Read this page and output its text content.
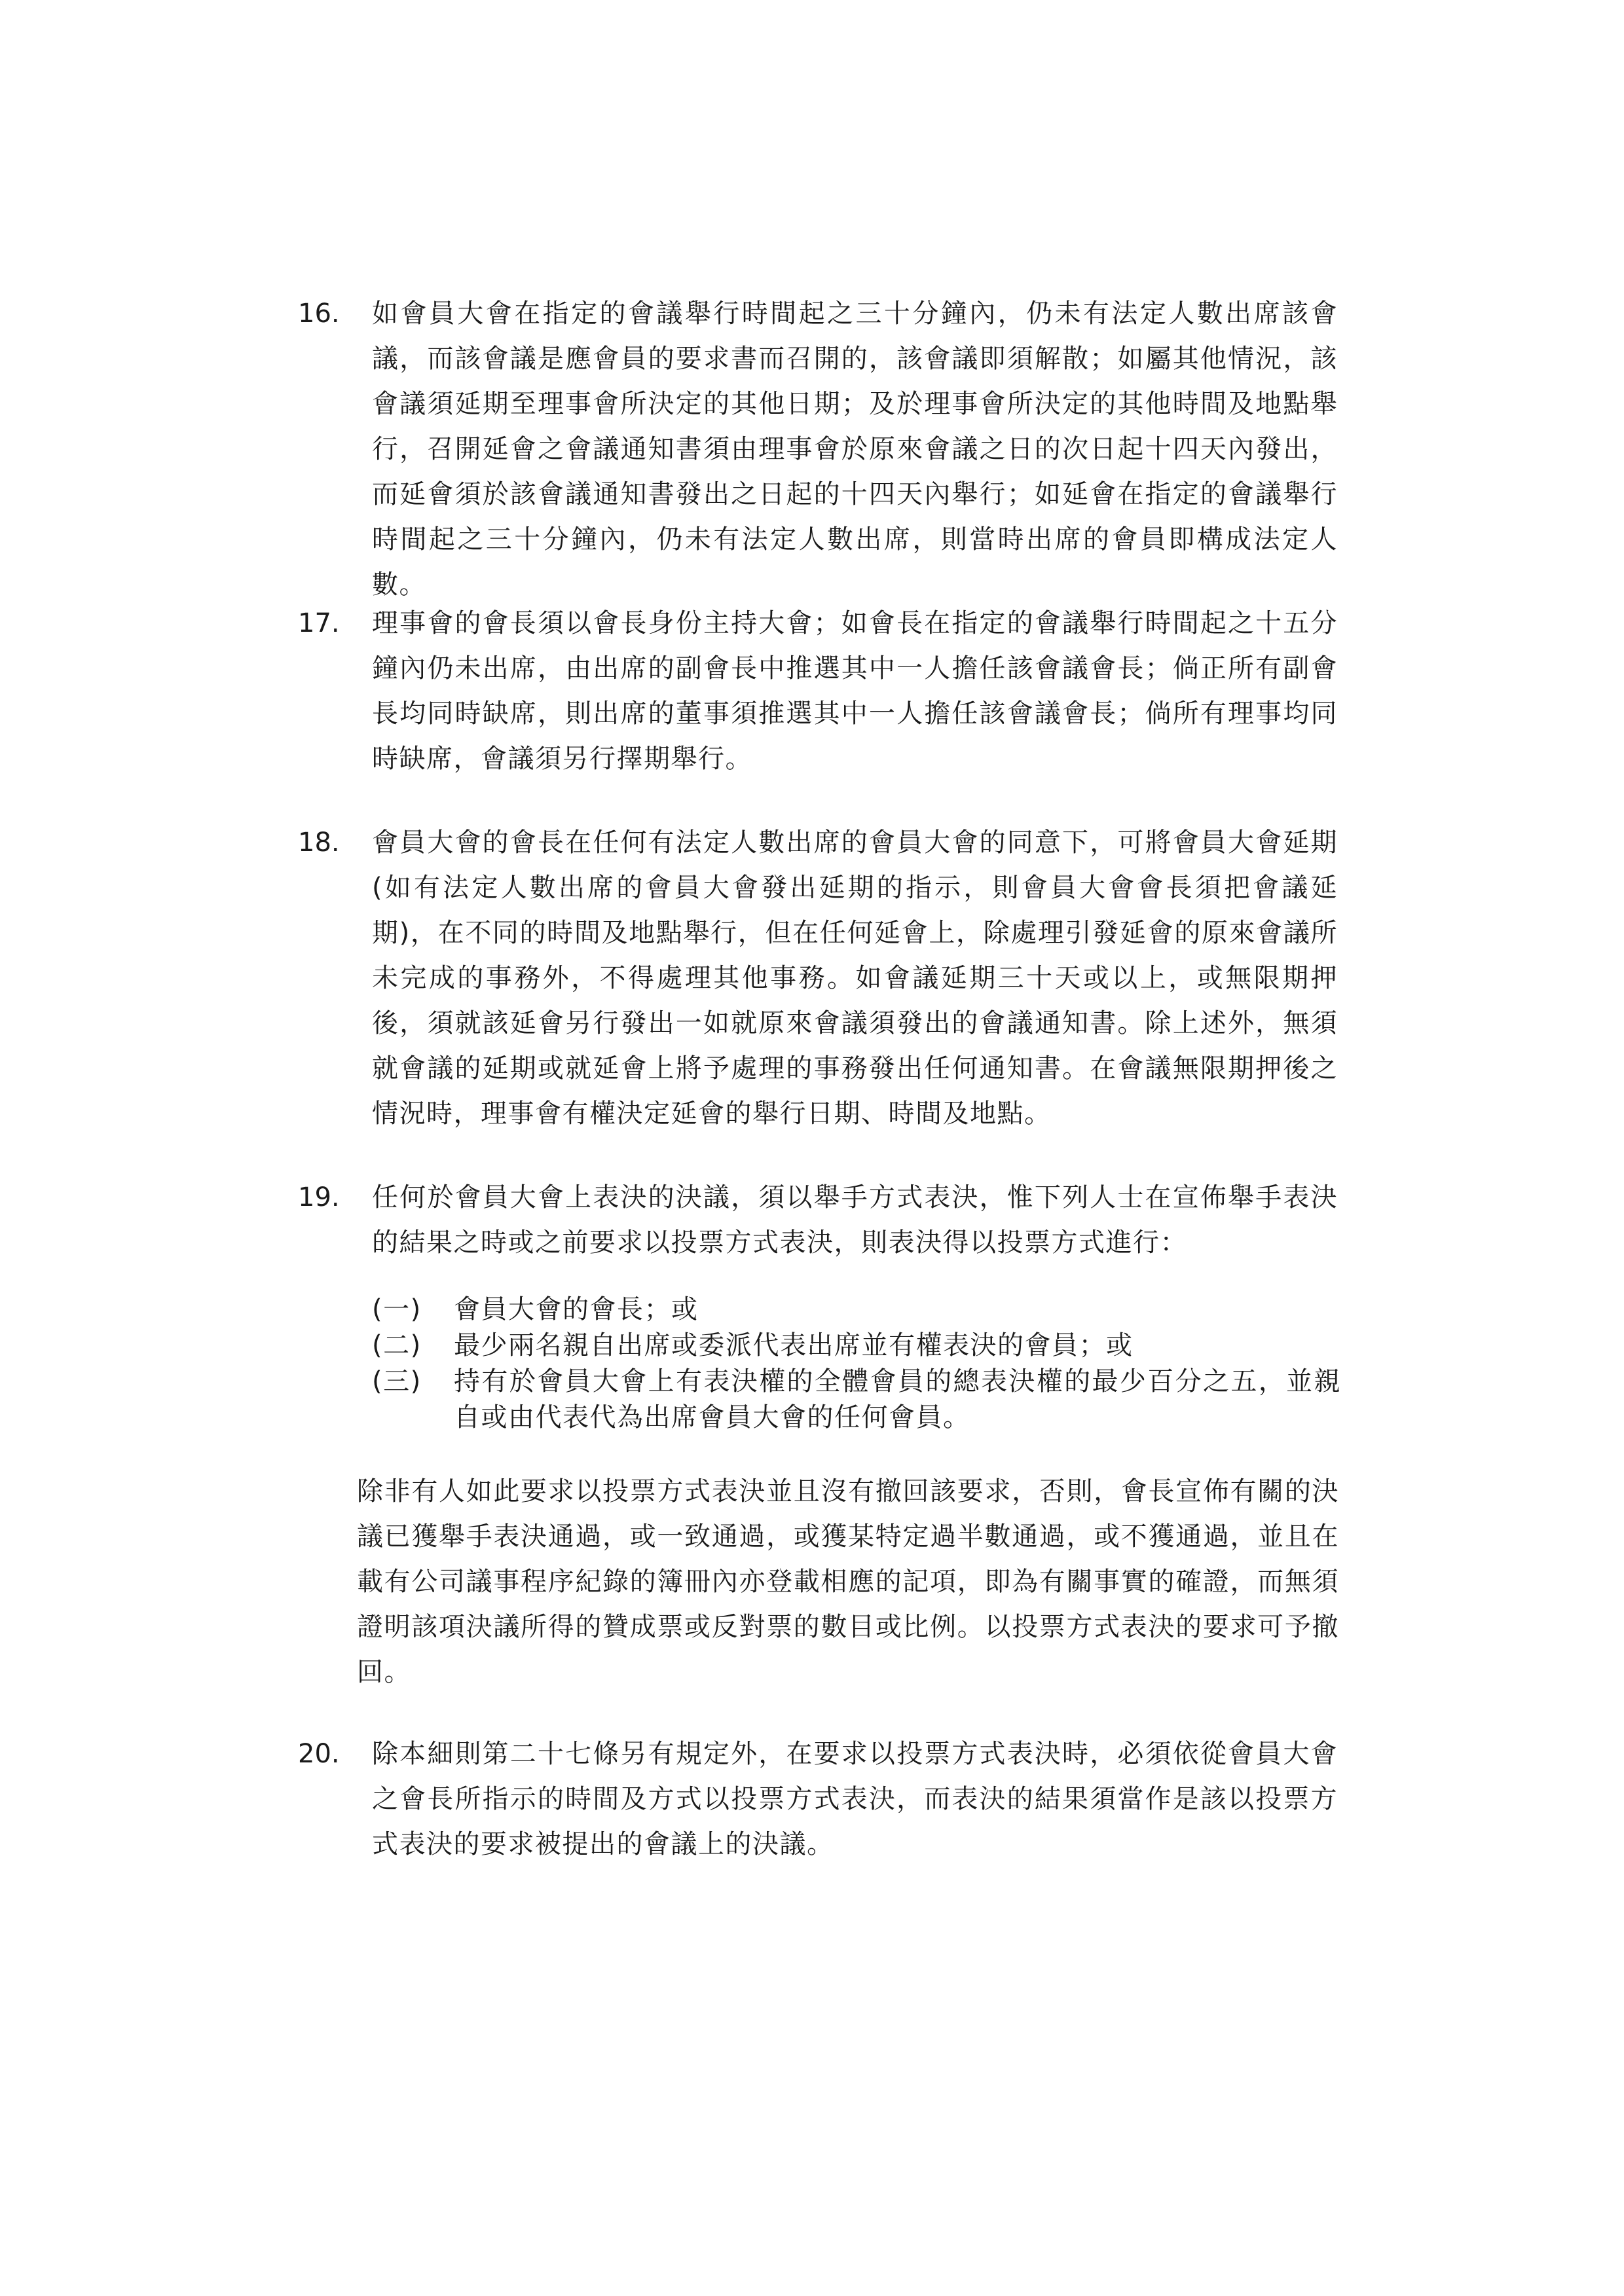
16. 如會員大會在指定的會議舉行時間起之三十分鐘內，仍未有法定人數出席該會議，而該會議是應會員的要求書而召開的，該會議即須解散；如屬其他情況，該會議須延期至理事會所決定的其他日期；及於理事會所決定的其他時間及地點舉行，召開延會之會議通知書須由理事會於原來會議之日的次日起十四天內發出，而延會須於該會議通知書發出之日起的十四天內舉行；如延會在指定的會議舉行時間起之三十分鐘內，仍未有法定人數出席，則當時出席的會員即構成法定人數。
17. 理事會的會長須以會長身份主持大會；如會長在指定的會議舉行時間起之十五分鐘內仍未出席，由出席的副會長中推選其中一人擔任該會議會長；倘正所有副會長均同時缺席，則出席的董事須推選其中一人擔任該會議會長；倘所有理事均同時缺席，會議須另行擇期舉行。
18. 會員大會的會長在任何有法定人數出席的會員大會的同意下，可將會員大會延期(如有法定人數出席的會員大會發出延期的指示，則會員大會會長須把會議延期)，在不同的時間及地點舉行，但在任何延會上，除處理引發延會的原來會議所未完成的事務外，不得處理其他事務。如會議延期三十天或以上，或無限期押後，須就該延會另行發出一如就原來會議須發出的會議通知書。除上述外，無須就會議的延期或就延會上將予處理的事務發出任何通知書。在會議無限期押後之情況時，理事會有權決定延會的舉行日期、時間及地點。
19. 任何於會員大會上表決的決議，須以舉手方式表決，惟下列人士在宣佈舉手表決的結果之時或之前要求以投票方式表決，則表決得以投票方式進行：
(一) 會員大會的會長；或
(二) 最少兩名親自出席或委派代表出席並有權表決的會員；或
(三) 持有於會員大會上有表決權的全體會員的總表決權的最少百分之五，並親自或由代表代為出席會員大會的任何會員。
除非有人如此要求以投票方式表決並且沒有撤回該要求，否則，會長宣佈有關的決議已獲舉手表決通過，或一致通過，或獲某特定過半數通過，或不獲通過，並且在載有公司議事程序紀錄的簿冊內亦登載相應的記項，即為有關事實的確證，而無須證明該項決議所得的贊成票或反對票的數目或比例。以投票方式表決的要求可予撤回。
20. 除本細則第二十七條另有規定外，在要求以投票方式表決時，必須依從會員大會之會長所指示的時間及方式以投票方式表決，而表決的結果須當作是該以投票方式表決的要求被提出的會議上的決議。
